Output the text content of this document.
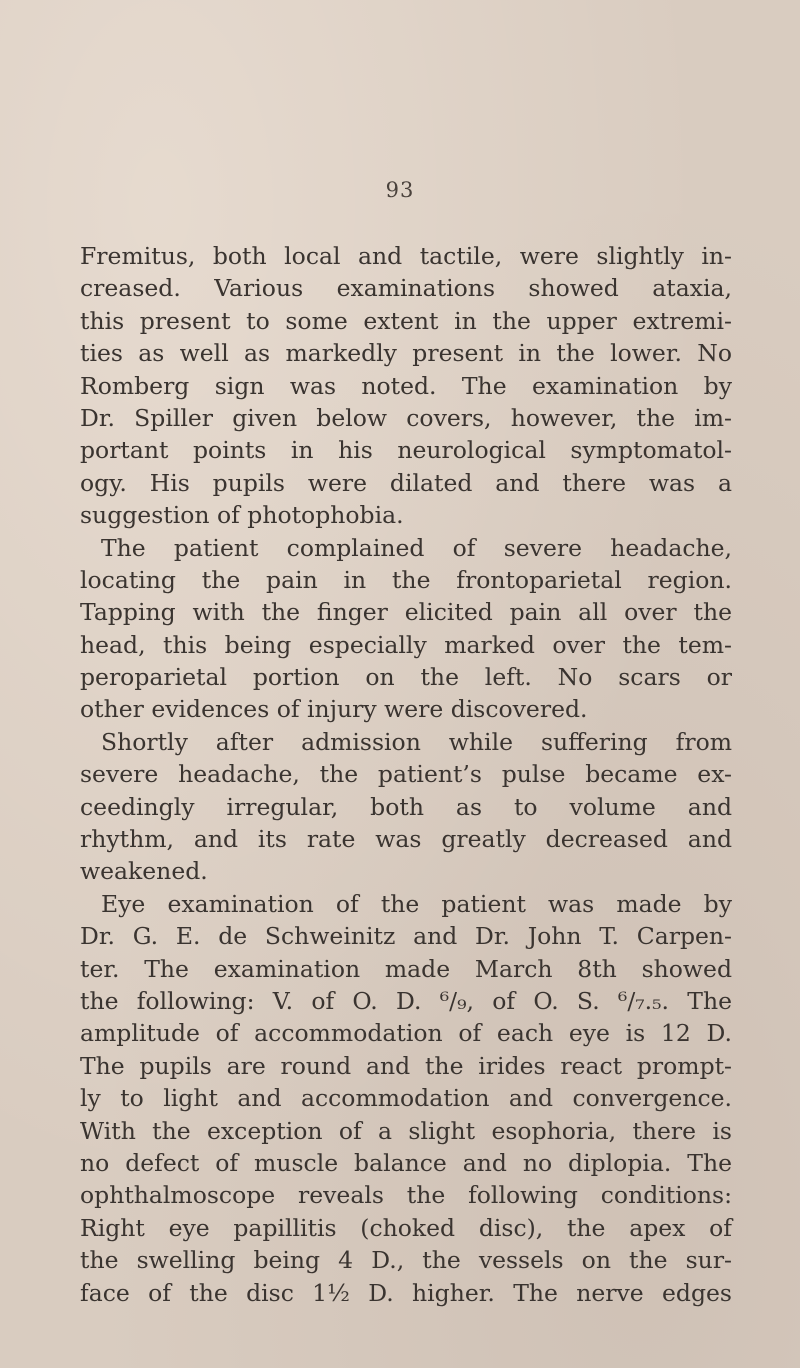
93
Fremitus, both local and tactile, were slightly in-
creased. Various examinations showed ataxia,
this present to some extent in the upper extremi-
ties as well as markedly present in the lower. No
Romberg sign was noted. The examination by
Dr. Spiller given below covers, however, the im-
portant points in his neurological symptomatol-
ogy. His pupils were dilated and there was a
suggestion of photophobia.
The patient complained of severe headache,
locating the pain in the frontoparietal region.
Tapping with the finger elicited pain all over the
head, this being especially marked over the tem-
peroparietal portion on the left. No scars or
other evidences of injury were discovered.
Shortly after admission while suffering from
severe headache, the patient’s pulse became ex-
ceedingly irregular, both as to volume and
rhythm, and its rate was greatly decreased and
weakened.
Eye examination of the patient was made by
Dr. G. E. de Schweinitz and Dr. John T. Carpen-
ter. The examination made March 8th showed
the following: V. of O. D. ⁶/₉, of O. S. ⁶/₇.₅. The
amplitude of accommodation of each eye is 12 D.
The pupils are round and the irides react prompt-
ly to light and accommodation and convergence.
With the exception of a slight esophoria, there is
no defect of muscle balance and no diplopia. The
ophthalmoscope reveals the following conditions:
Right eye papillitis (choked disc), the apex of
the swelling being 4 D., the vessels on the sur-
face of the disc 1½ D. higher. The nerve edges
